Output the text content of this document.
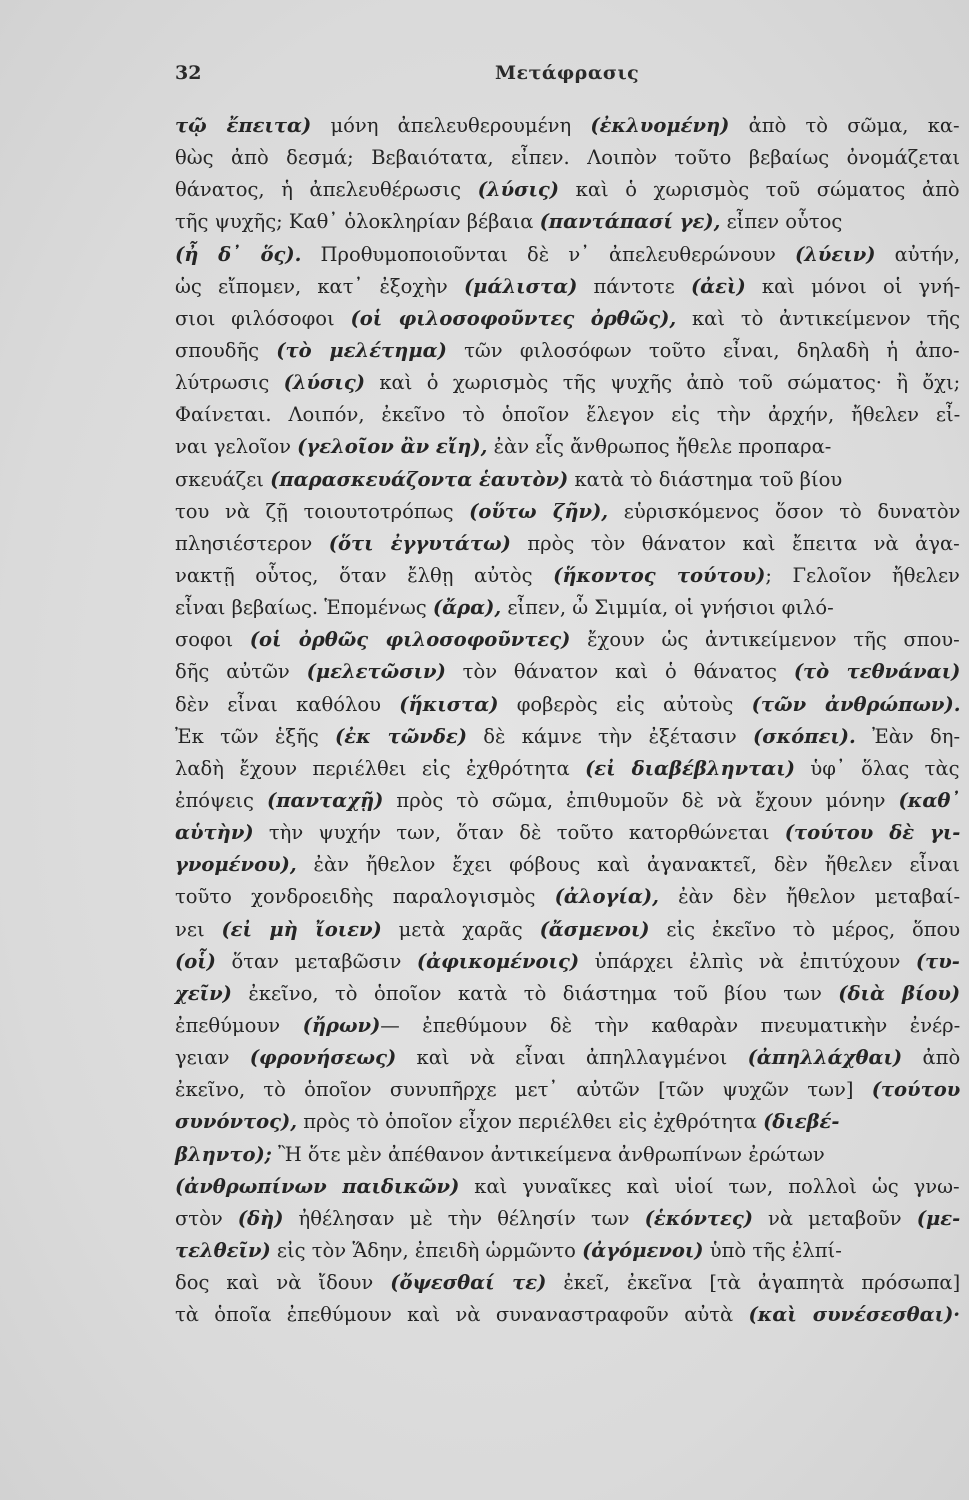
32	Μετάφρασις
τῷ ἔπειτα) μόνη ἀπελευθερουμένη (ἐκλυομένη) ἀπὸ τὸ σῶμα, κα-
θὼς ἀπὸ δεσμά; Βεβαιότατα, εἶπεν. Λοιπὸν τοῦτο βεβαίως ὀνομάζεται
θάνατος, ἡ ἀπελευθέρωσις (λύσις) καὶ ὁ χωρισμὸς τοῦ σώματος ἀπὸ
τῆς ψυχῆς; Καθ᾽ ὁλοκληρίαν βέβαια (παντάπασί γε), εἶπεν οὗτος
(ἦ δ᾽ ὅς). Προθυμοποιοῦνται δὲ ν᾽ ἀπελευθερώνουν (λύειν) αὐτήν,
ὡς εἴπομεν, κατ᾽ ἐξοχὴν (μάλιστα) πάντοτε (ἀεὶ) καὶ μόνοι οἱ γνή-
σιοι φιλόσοφοι (οἱ φιλοσοφοῦντες ὀρθῶς), καὶ τὸ ἀντικείμενον τῆς
σπουδῆς (τὸ μελέτημα) τῶν φιλοσόφων τοῦτο εἶναι, δηλαδὴ ἡ ἀπο-
λύτρωσις (λύσις) καὶ ὁ χωρισμὸς τῆς ψυχῆς ἀπὸ τοῦ σώματος· ἢ ὄχι;
Φαίνεται. Λοιπόν, ἐκεῖνο τὸ ὁποῖον ἔλεγον εἰς τὴν ἀρχήν, ἤθελεν εἶ-
ναι γελοῖον (γελοῖον ἂν εἴη), ἐὰν εἷς ἄνθρωπος ἤθελε προπαρα-
σκευάζει (παρασκευάζοντα ἑαυτὸν) κατὰ τὸ διάστημα τοῦ βίου
του νὰ ζῇ τοιουτοτρόπως (οὕτω ζῆν), εὑρισκόμενος ὅσον τὸ δυνατὸν
πλησιέστερον (ὅτι ἐγγυτάτω) πρὸς τὸν θάνατον καὶ ἔπειτα νὰ ἀγα-
νακτῇ οὗτος, ὅταν ἔλθῃ αὐτὸς (ἥκοντος τούτου); Γελοῖον ἤθελεν
εἶναι βεβαίως. Ἑπομένως (ἄρα), εἶπεν, ὦ Σιμμία, οἱ γνήσιοι φιλό-
σοφοι (οἱ ὀρθῶς φιλοσοφοῦντες) ἔχουν ὡς ἀντικείμενον τῆς σπου-
δῆς αὐτῶν (μελετῶσιν) τὸν θάνατον καὶ ὁ θάνατος (τὸ τεθνάναι)
δὲν εἶναι καθόλου (ἥκιστα) φοβερὸς εἰς αὐτοὺς (τῶν ἀνθρώπων).
Ἐκ τῶν ἑξῆς (ἐκ τῶνδε) δὲ κάμνε τὴν ἐξέτασιν (σκόπει). Ἐὰν δη-
λαδὴ ἔχουν περιέλθει εἰς ἐχθρότητα (εἰ διαβέβληνται) ὑφ᾽ ὅλας τὰς
ἐπόψεις (πανταχῇ) πρὸς τὸ σῶμα, ἐπιθυμοῦν δὲ νὰ ἔχουν μόνην (καθ᾽
αὑτὴν) τὴν ψυχήν των, ὅταν δὲ τοῦτο κατορθώνεται (τούτου δὲ γι-
γνομένου), ἐὰν ἤθελον ἔχει φόβους καὶ ἀγανακτεῖ, δὲν ἤθελεν εἶναι
τοῦτο χονδροειδὴς παραλογισμὸς (ἀλογία), ἐὰν δὲν ἤθελον μεταβαί-
νει (εἰ μὴ ἴοιεν) μετὰ χαρᾶς (ἄσμενοι) εἰς ἐκεῖνο τὸ μέρος, ὅπου
(οἷ) ὅταν μεταβῶσιν (ἀφικομένοις) ὑπάρχει ἐλπὶς νὰ ἐπιτύχουν (τυ-
χεῖν) ἐκεῖνο, τὸ ὁποῖον κατὰ τὸ διάστημα τοῦ βίου των (διὰ βίου)
ἐπεθύμουν (ἤρων)— ἐπεθύμουν δὲ τὴν καθαρὰν πνευματικὴν ἐνέρ-
γειαν (φρονήσεως) καὶ νὰ εἶναι ἀπηλλαγμένοι (ἀπηλλάχθαι) ἀπὸ
ἐκεῖνο, τὸ ὁποῖον συνυπῆρχε μετ᾽ αὐτῶν [τῶν ψυχῶν των] (τούτου
συνόντος), πρὸς τὸ ὁποῖον εἶχον περιέλθει εἰς ἐχθρότητα (διεβέ-
βληντο); Ἢ ὅτε μὲν ἀπέθανον ἀντικείμενα ἀνθρωπίνων ἐρώτων
(ἀνθρωπίνων παιδικῶν) καὶ γυναῖκες καὶ υἱοί των, πολλοὶ ὡς γνω-
στὸν (δὴ) ἠθέλησαν μὲ τὴν θέλησίν των (ἑκόντες) νὰ μεταβοῦν (με-
τελθεῖν) εἰς τὸν Ἅδην, ἐπειδὴ ὡρμῶντο (ἀγόμενοι) ὑπὸ τῆς ἐλπί-
δος καὶ νὰ ἴδουν (ὄψεσθαί τε) ἐκεῖ, ἐκεῖνα [τὰ ἀγαπητὰ πρόσωπα]
τὰ ὁποῖα ἐπεθύμουν καὶ νὰ συναναστραφοῦν αὐτὰ (καὶ συνέσεσθαι)·
